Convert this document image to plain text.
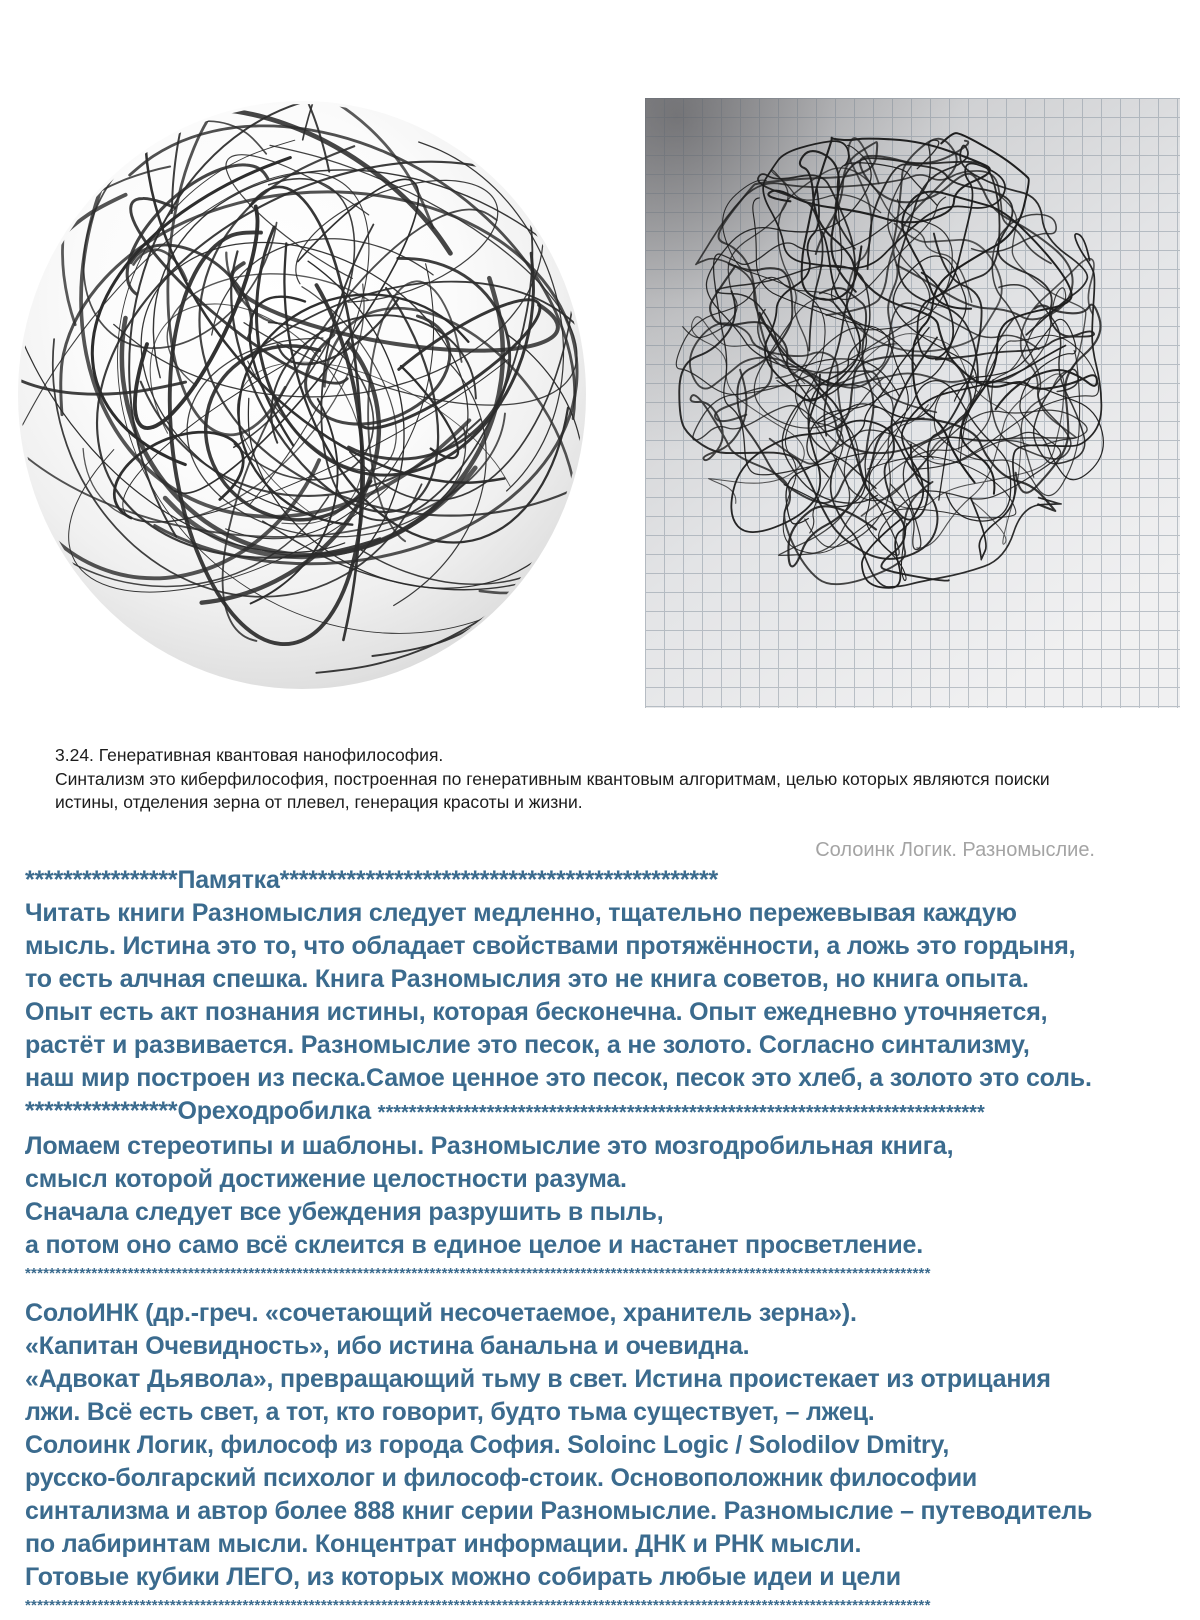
3.24. Генеративная квантовая нанофилософия.
Синтализм это киберфилософия, построенная по генеративным квантовым алгоритмам, целью которых являются поиски
истины, отделения зерна от плевел, генерация красоты и жизни.
Солоинк Логик. Разномыслие.
****************Памятка**********************************************
Читать книги Разномыслия следует медленно, тщательно пережевывая каждую
мысль. Истина это то, что обладает свойствами протяжённости, а ложь это гордыня,
то есть алчная спешка. Книга Разномыслия это не книга советов, но книга опыта.
Опыт есть акт познания истины, которая бесконечна. Опыт ежедневно уточняется,
растёт и развивается. Разномыслие это песок, а не золото. Согласно синтализму,
наш мир построен из песка.Самое ценное это песок, песок это хлеб, а золото это соль.
****************Ореходробилка ******************************************************************************
Ломаем стереотипы и шаблоны. Разномыслие это мозгодробильная книга,
смысл которой достижение целостности разума.
Сначала следует все убеждения разрушить в пыль,
а потом оно само всё склеится в единое целое и настанет просветление.
******************************************************************************************************************************************************
СолоИНК (др.-греч. «сочетающий несочетаемое, хранитель зерна»).
«Капитан Очевидность», ибо истина банальна и очевидна.
«Адвокат Дьявола», превращающий тьму в свет. Истина проистекает из отрицания
лжи. Всё есть свет, а тот, кто говорит, будто тьма существует, – лжец.
Солоинк Логик, философ из города София. Soloinc Logic / Solodilov Dmitry,
русско-болгарский психолог и философ-стоик. Основоположник философии
синтализма и автор более 888 книг серии Разномыслие. Разномыслие – путеводитель
по лабиринтам мысли. Концентрат информации. ДНК и РНК мысли.
Готовые кубики ЛЕГО, из которых можно собирать любые идеи и цели
******************************************************************************************************************************************************
